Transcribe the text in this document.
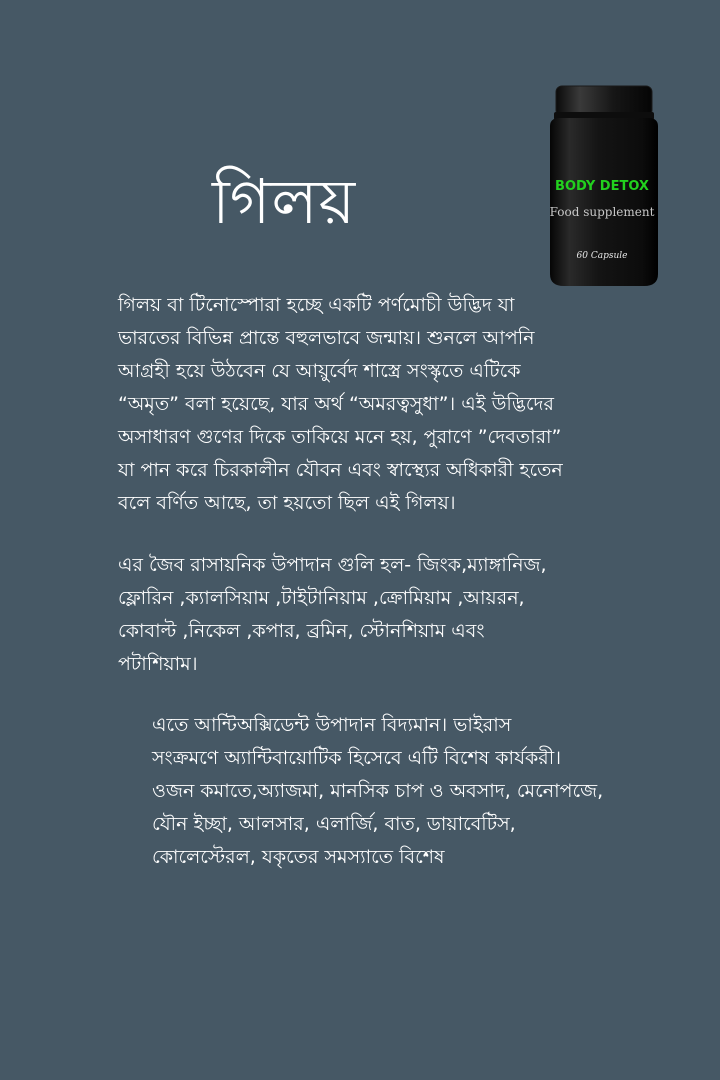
গিলয়	BODY DETOX
Food supplement
60 Capsule

গিলয় বা টিনোস্পোরা হচ্ছে একটি পর্ণমোচী উদ্ভিদ যা
ভারতের বিভিন্ন প্রান্তে বহুলভাবে জন্মায়। শুনলে আপনি
আগ্রহী হয়ে উঠবেন যে আয়ুর্বেদ শাস্ত্রে সংস্কৃতে এটিকে
“অমৃত” বলা হয়েছে, যার অর্থ “অমরত্বসুধা”। এই উদ্ভিদের
অসাধারণ গুণের দিকে তাকিয়ে মনে হয়, পুরাণে ”দেবতারা”
যা পান করে চিরকালীন যৌবন এবং স্বাস্থ্যের অধিকারী হতেন
বলে বর্ণিত আছে, তা হয়তো ছিল এই গিলয়।

এর জৈব রাসায়নিক উপাদান গুলি হল- জিংক,ম্যাঙ্গানিজ,
ফ্লোরিন ,ক্যালসিয়াম ,টাইটানিয়াম ,ক্রোমিয়াম ,আয়রন,
কোবাল্ট ,নিকেল ,কপার, ব্রমিন, স্টোনশিয়াম এবং
পটাশিয়াম।

এতে আন্টিঅক্সিডেন্ট উপাদান বিদ্যমান। ভাইরাস
সংক্রমণে অ্যান্টিবায়োটিক হিসেবে এটি বিশেষ কার্যকরী।
ওজন কমাতে,অ্যাজমা, মানসিক চাপ ও অবসাদ, মেনোপজে,
যৌন ইচ্ছা, আলসার, এলার্জি, বাত, ডায়াবেটিস,
কোলেস্টেরল, যকৃতের সমস্যাতে বিশেষ
